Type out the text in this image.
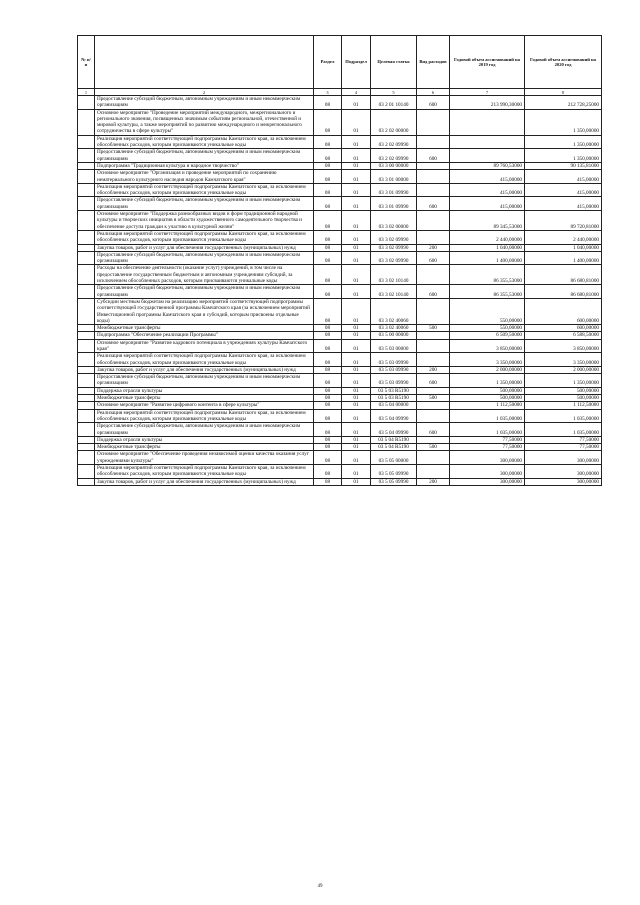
№ п/п		Раздел	Подраздел	Целевая статья	Вид расходов	Годовой объем ассигнований на 2019 год	Годовой объем ассигнований на 2020 год
1	2	3	4	5	6	7	8
	Предоставление субсидий бюджетным, автономным учреждениям и иным некоммерческим организациям	08	01	03 2 01 10140	600	213 990,30000	212 728,25000
	Основное мероприятие "Проведение мероприятий международного, межрегионального и регионального значения, посвященных значимым событиям региональной, отечественной и мировой культуры, а также мероприятий по развитию международного и межрегионального сотрудничества в сфере культуры"	08	01	03 2 02 00000			1 350,00000
	Реализация мероприятий соответствующей подпрограммы Камчатского края, за исключением обособленных расходов, которым присваиваются уникальные коды	08	01	03 2 02 09990			1 350,00000
	Предоставление субсидий бюджетным, автономным учреждениям и иным некоммерческим организациям	08	01	03 2 02 09990	600		1 350,00000
	Подпрограмма "Традиционная культура и народное творчество"	08	01	03 3 00 00000		89 760,53000	90 135,81000
	Основное мероприятие "Организация и проведение мероприятий по сохранению нематериального культурного наследия народов Камчатского края"	08	01	03 3 01 00000		415,00000	415,00000
	Реализация мероприятий соответствующей подпрограммы Камчатского края, за исключением обособленных расходов, которым присваиваются уникальные коды	08	01	03 3 01 09990		415,00000	415,00000
	Предоставление субсидий бюджетным, автономным учреждениям и иным некоммерческим организациям	08	01	03 3 01 09990	600	415,00000	415,00000
	Основное мероприятие "Поддержка разнообразных видов и форм традиционной народной культуры и творческих инициатив в области художественного самодеятельного творчества и обеспечение доступа граждан к участию в культурной жизни"	08	01	03 3 02 00000		89 345,53000	89 720,81000
	Реализация мероприятий соответствующей подпрограммы Камчатского края, за исключением обособленных расходов, которым присваиваются уникальные коды	08	01	03 3 02 09990		2 440,00000	2 440,00000
	Закупка товаров, работ и услуг для обеспечения государственных (муниципальных) нужд	08	01	03 3 02 09990	200	1 040,00000	1 040,00000
	Предоставление субсидий бюджетным, автономным учреждениям и иным некоммерческим организациям	08	01	03 3 02 09990	600	1 400,00000	1 400,00000
	Расходы на обеспечение деятельности (оказание услуг) учреждений, в том числе на предоставление государственным бюджетным и автономным учреждениям субсидий, за исключением обособленных расходов, которым присваиваются уникальные коды	08	01	03 3 02 10140		86 355,53000	86 680,81000
	Предоставление субсидий бюджетным, автономным учреждениям и иным некоммерческим организациям	08	01	03 3 02 10140	600	86 355,53000	86 680,81000
	Субсидии местным бюджетам на реализацию мероприятий соответствующей подпрограммы соответствующей государственной программы Камчатского края (за исключением мероприятий Инвестиционной программы Камчатского края и субсидий, которым присвоены отдельные коды)	08	01	03 3 02 40060		550,00000	600,00000
	Межбюджетные трансферты	08	01	03 3 02 40060	500	550,00000	600,00000
	Подпрограмма "Обеспечение реализации Программы"	08	01	03 5 00 00000		6 509,50000	6 588,50000
	Основное мероприятие "Развитие кадрового потенциала в учреждениях культуры Камчатского края"	08	01	03 5 03 00000		3 850,00000	3 850,00000
	Реализация мероприятий соответствующей подпрограммы Камчатского края, за исключением обособленных расходов, которым присваиваются уникальные коды	08	01	03 5 03 09990		3 350,00000	3 350,00000
	Закупка товаров, работ и услуг для обеспечения государственных (муниципальных) нужд	08	01	03 5 03 09990	200	2 000,00000	2 000,00000
	Предоставление субсидий бюджетным, автономным учреждениям и иным некоммерческим организациям	08	01	03 5 03 09990	600	1 350,00000	1 350,00000
	Поддержка отрасли культуры	08	01	03 5 03 R5190		500,00000	500,00000
	Межбюджетные трансферты	08	01	03 5 03 R5190	500	500,00000	500,00000
	Основное мероприятие "Развитие цифрового контента в сфере культуры"	08	01	03 5 04 00000		1 112,50000	1 112,50000
	Реализация мероприятий соответствующей подпрограммы Камчатского края, за исключением обособленных расходов, которым присваиваются уникальные коды	08	01	03 5 04 09990		1 035,00000	1 035,00000
	Предоставление субсидий бюджетным, автономным учреждениям и иным некоммерческим организациям	08	01	03 5 04 09990	600	1 035,00000	1 035,00000
	Поддержка отрасли культуры	08	01	03 5 04 R5190		77,50000	77,50000
	Межбюджетные трансферты	08	01	03 5 04 R5190	500	77,50000	77,50000
	Основное мероприятие "Обеспечение проведения независимой оценки качества оказания услуг учреждениями культуры"	08	01	03 5 05 00000		300,00000	300,00000
	Реализация мероприятий соответствующей подпрограммы Камчатского края, за исключением обособленных расходов, которым присваиваются уникальные коды	08	01	03 5 05 09990		300,00000	300,00000
	Закупка товаров, работ и услуг для обеспечения государственных (муниципальных) нужд	08	01	03 5 05 09990	200	300,00000	300,00000
49
